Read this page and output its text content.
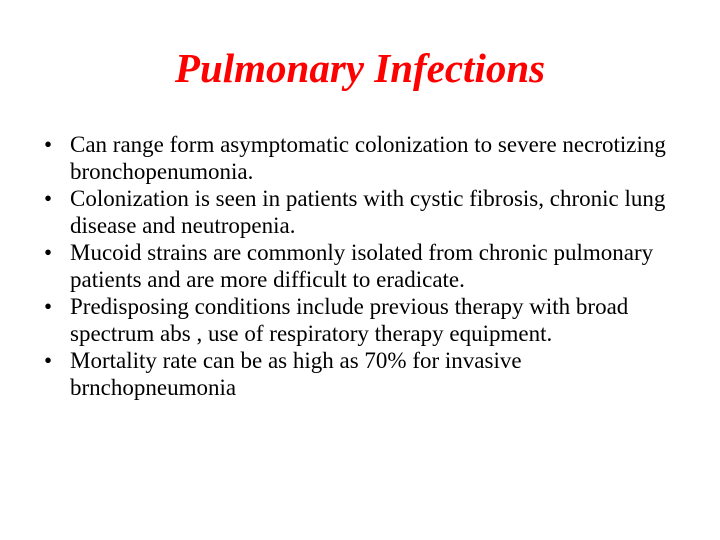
Pulmonary Infections
• Can range form asymptomatic colonization to severe necrotizing bronchopenumonia.
• Colonization is seen in patients with cystic fibrosis, chronic lung disease and neutropenia.
• Mucoid strains are commonly isolated from chronic pulmonary patients and are more difficult to eradicate.
• Predisposing conditions include previous therapy with broad spectrum abs , use of respiratory therapy equipment.
• Mortality rate can be as high as 70% for invasive brnchopneumonia
